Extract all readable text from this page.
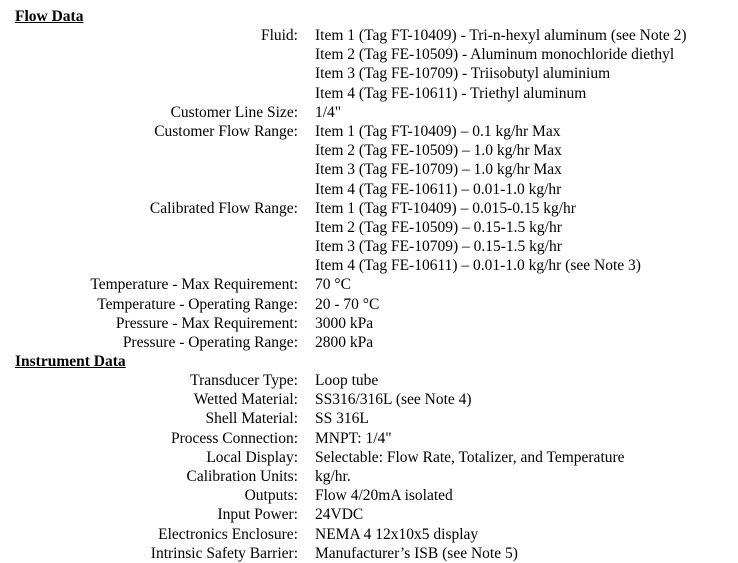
Flow Data
Fluid: Item 1 (Tag FT-10409) - Tri-n-hexyl aluminum (see Note 2)
Item 2 (Tag FE-10509) - Aluminum monochloride diethyl
Item 3 (Tag FE-10709) - Triisobutyl aluminium
Item 4 (Tag FE-10611) - Triethyl aluminum
Customer Line Size: 1/4"
Customer Flow Range: Item 1 (Tag FT-10409) – 0.1 kg/hr Max
Item 2 (Tag FE-10509) – 1.0 kg/hr Max
Item 3 (Tag FE-10709) – 1.0 kg/hr Max
Item 4 (Tag FE-10611) – 0.01-1.0 kg/hr
Calibrated Flow Range: Item 1 (Tag FT-10409) – 0.015-0.15 kg/hr
Item 2 (Tag FE-10509) – 0.15-1.5 kg/hr
Item 3 (Tag FE-10709) – 0.15-1.5 kg/hr
Item 4 (Tag FE-10611) – 0.01-1.0 kg/hr (see Note 3)
Temperature - Max Requirement: 70 °C
Temperature - Operating Range: 20 - 70 °C
Pressure - Max Requirement: 3000 kPa
Pressure - Operating Range: 2800 kPa
Instrument Data
Transducer Type: Loop tube
Wetted Material: SS316/316L (see Note 4)
Shell Material: SS 316L
Process Connection: MNPT: 1/4"
Local Display: Selectable: Flow Rate, Totalizer, and Temperature
Calibration Units: kg/hr.
Outputs: Flow 4/20mA isolated
Input Power: 24VDC
Electronics Enclosure: NEMA 4 12x10x5 display
Intrinsic Safety Barrier: Manufacturer’s ISB (see Note 5)
